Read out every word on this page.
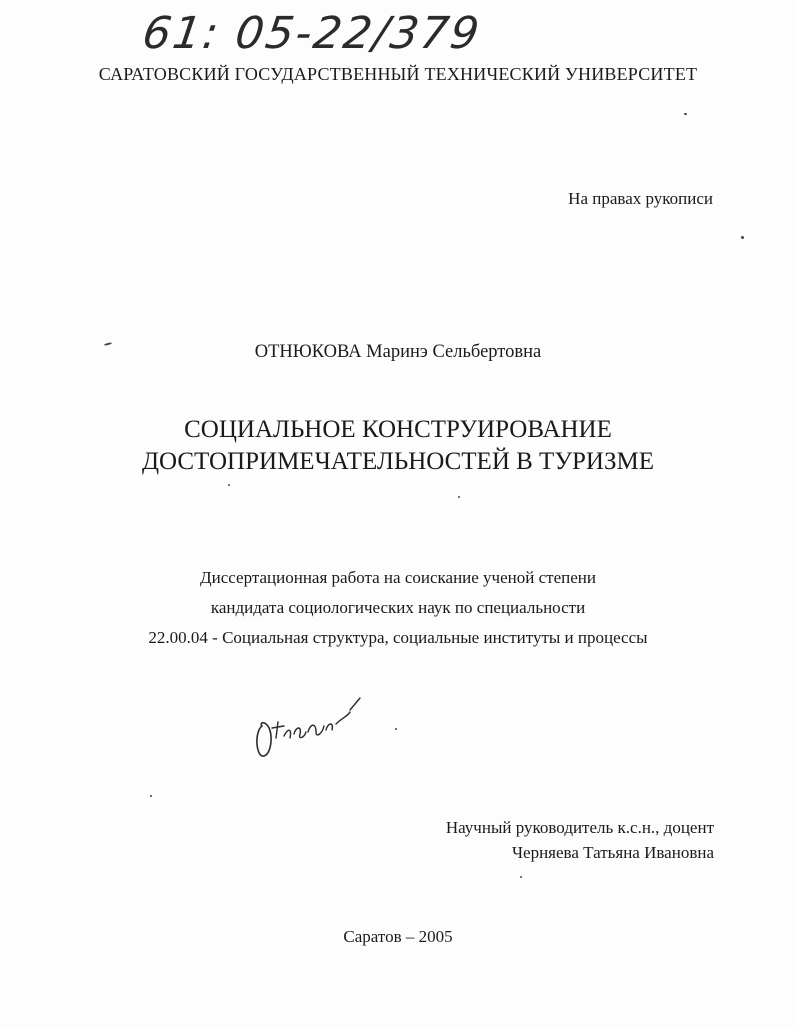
61: 05-22/379
САРАТОВСКИЙ ГОСУДАРСТВЕННЫЙ ТЕХНИЧЕСКИЙ УНИВЕРСИТЕТ
На правах рукописи
ОТНЮКОВА Маринэ Сельбертовна
СОЦИАЛЬНОЕ КОНСТРУИРОВАНИЕ
ДОСТОПРИМЕЧАТЕЛЬНОСТЕЙ В ТУРИЗМЕ
Диссертационная работа на соискание ученой степени
кандидата социологических наук по специальности
22.00.04 - Социальная структура, социальные институты и процессы
Научный руководитель к.с.н., доцент
Черняева Татьяна Ивановна
Саратов – 2005
